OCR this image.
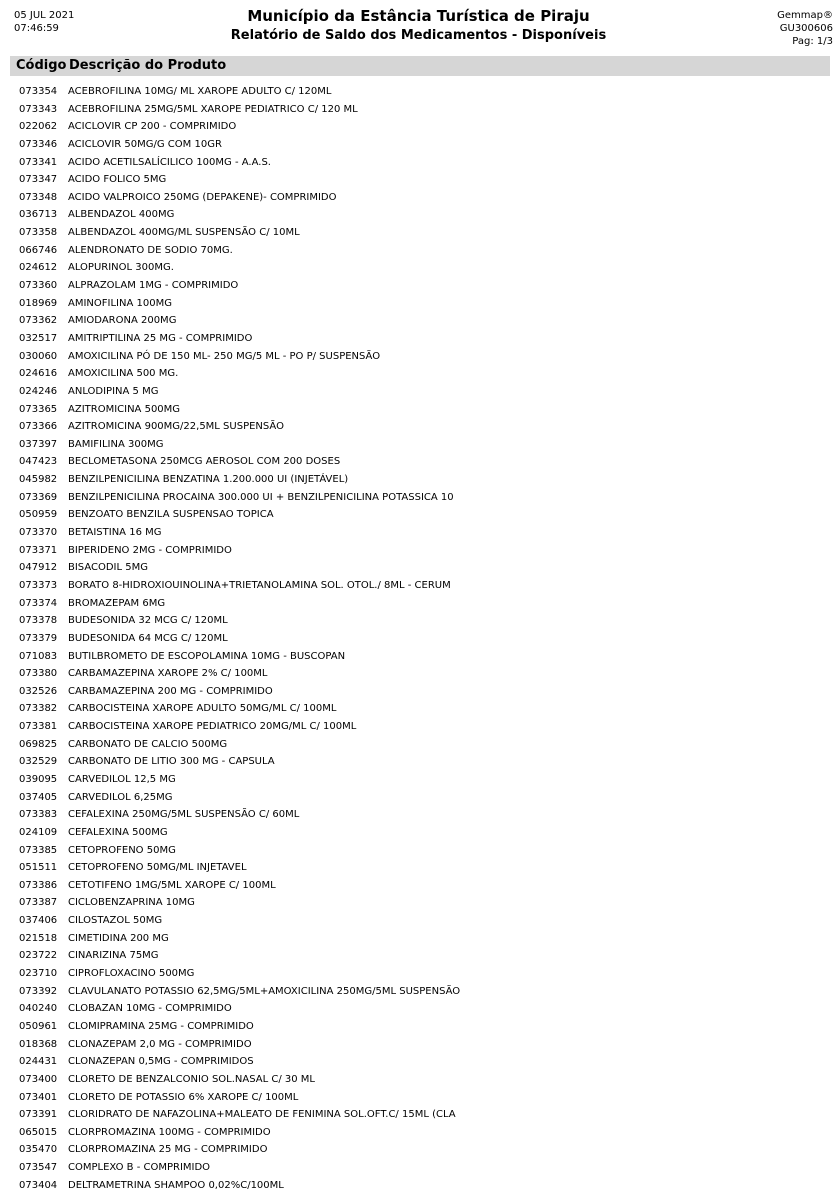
05 JUL 2021
07:46:59
Município da Estância Turística de Piraju
Relatório de Saldo dos Medicamentos - Disponíveis
Gemmap®
GU300606
Pag: 1/3
Código Descrição do Produto
073354 ACEBROFILINA 10MG/ ML XAROPE ADULTO C/ 120ML
073343 ACEBROFILINA 25MG/5ML XAROPE PEDIATRICO C/ 120 ML
022062 ACICLOVIR CP 200 - COMPRIMIDO
073346 ACICLOVIR 50MG/G COM 10GR
073341 ACIDO ACETILSALÍCILICO 100MG - A.A.S.
073347 ACIDO FOLICO 5MG
073348 ACIDO VALPROICO 250MG (DEPAKENE)- COMPRIMIDO
036713 ALBENDAZOL 400MG
073358 ALBENDAZOL 400MG/ML SUSPENSÃO C/ 10ML
066746 ALENDRONATO DE SODIO 70MG.
024612 ALOPURINOL 300MG.
073360 ALPRAZOLAM 1MG - COMPRIMIDO
018969 AMINOFILINA 100MG
073362 AMIODARONA 200MG
032517 AMITRIPTILINA 25 MG - COMPRIMIDO
030060 AMOXICILINA PÓ DE 150 ML- 250 MG/5 ML - PO P/ SUSPENSÃO
024616 AMOXICILINA 500 MG.
024246 ANLODIPINA 5 MG
073365 AZITROMICINA 500MG
073366 AZITROMICINA 900MG/22,5ML SUSPENSÃO
037397 BAMIFILINA 300MG
047423 BECLOMETASONA 250MCG AEROSOL COM 200 DOSES
045982 BENZILPENICILINA BENZATINA 1.200.000 UI (INJETÁVEL)
073369 BENZILPENICILINA PROCAINA 300.000 UI + BENZILPENICILINA POTASSICA 10
050959 BENZOATO BENZILA SUSPENSAO TOPICA
073370 BETAISTINA 16 MG
073371 BIPERIDENO 2MG - COMPRIMIDO
047912 BISACODIL 5MG
073373 BORATO 8-HIDROXIOUINOLINA+TRIETANOLAMINA SOL. OTOL./ 8ML - CERUM
073374 BROMAZEPAM 6MG
073378 BUDESONIDA 32 MCG C/ 120ML
073379 BUDESONIDA 64 MCG C/ 120ML
071083 BUTILBROMETO DE ESCOPOLAMINA 10MG - BUSCOPAN
073380 CARBAMAZEPINA XAROPE 2% C/ 100ML
032526 CARBAMAZEPINA 200 MG - COMPRIMIDO
073382 CARBOCISTEINA XAROPE ADULTO 50MG/ML C/ 100ML
073381 CARBOCISTEINA XAROPE PEDIATRICO 20MG/ML C/ 100ML
069825 CARBONATO DE CALCIO 500MG
032529 CARBONATO DE LITIO 300 MG - CAPSULA
039095 CARVEDILOL 12,5 MG
037405 CARVEDILOL 6,25MG
073383 CEFALEXINA 250MG/5ML SUSPENSÃO C/ 60ML
024109 CEFALEXINA 500MG
073385 CETOPROFENO 50MG
051511 CETOPROFENO 50MG/ML INJETAVEL
073386 CETOTIFENO 1MG/5ML XAROPE C/ 100ML
073387 CICLOBENZAPRINA 10MG
037406 CILOSTAZOL 50MG
021518 CIMETIDINA 200 MG
023722 CINARIZINA 75MG
023710 CIPROFLOXACINO 500MG
073392 CLAVULANATO POTASSIO 62,5MG/5ML+AMOXICILINA 250MG/5ML SUSPENSÃO
040240 CLOBAZAN 10MG - COMPRIMIDO
050961 CLOMIPRAMINA 25MG - COMPRIMIDO
018368 CLONAZEPAM 2,0 MG - COMPRIMIDO
024431 CLONAZEPAN 0,5MG - COMPRIMIDOS
073400 CLORETO DE BENZALCONIO SOL.NASAL C/ 30 ML
073401 CLORETO DE POTASSIO 6% XAROPE C/ 100ML
073391 CLORIDRATO DE NAFAZOLINA+MALEATO DE FENIMINA SOL.OFT.C/ 15ML (CLA
065015 CLORPROMAZINA 100MG - COMPRIMIDO
035470 CLORPROMAZINA 25 MG - COMPRIMIDO
073547 COMPLEXO B - COMPRIMIDO
073404 DELTRAMETRINA SHAMPOO 0,02%C/100ML
